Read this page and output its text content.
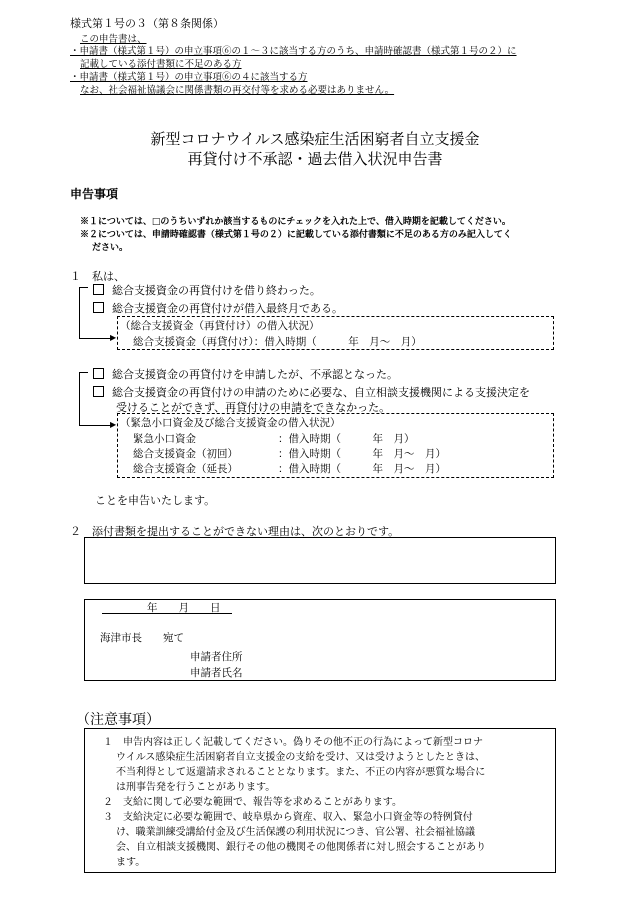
様式第１号の３（第８条関係）
この申告書は、
・申請書（様式第１号）の申立事項⑥の１～３に該当する方のうち、申請時確認書（様式第１号の２）に
記載している添付書類に不足のある方
・申請書（様式第１号）の申立事項⑥の４に該当する方
なお、社会福祉協議会に関係書類の再交付等を求める必要はありません。
新型コロナウイルス感染症生活困窮者自立支援金
再貸付け不承認・過去借入状況申告書
申告事項
※１については、□のうちいずれか該当するものにチェックを入れた上で、借入時期を記載してください。
※２については、申請時確認書（様式第１号の２）に記載している添付書類に不足のある方のみ記入してく
ださい。
１　私は、
▶
総合支援資金の再貸付けを借り終わった。
総合支援資金の再貸付けが借入最終月である。
（総合支援資金（再貸付け）の借入状況）
総合支援資金（再貸付け）：借入時期（　　　年　月～　月）
▶
総合支援資金の再貸付けを申請したが、不承認となった。
総合支援資金の再貸付けの申請のために必要な、自立相談支援機関による支援決定を
受けることができず、再貸付けの申請をできなかった。
（緊急小口資金及び総合支援資金の借入状況）
緊急小口資金	：借入時期（　　　年　月）
総合支援資金（初回）	：借入時期（　　　年　月～　月）
総合支援資金（延長）	：借入時期（　　　年　月～　月）
ことを申告いたします。
２　添付書類を提出することができない理由は、次のとおりです。
年　　月　　日
海津市長　　宛て
申請者住所
申請者氏名
（注意事項）
１　申告内容は正しく記載してください。偽りその他不正の行為によって新型コロナ
ウイルス感染症生活困窮者自立支援金の支給を受け、又は受けようとしたときは、
不当利得として返還請求されることとなります。また、不正の内容が悪質な場合に
は刑事告発を行うことがあります。
２　支給に関して必要な範囲で、報告等を求めることがあります。
３　支給決定に必要な範囲で、岐阜県から資産、収入、緊急小口資金等の特例貸付
け、職業訓練受講給付金及び生活保護の利用状況につき、官公署、社会福祉協議
会、自立相談支援機関、銀行その他の機関その他関係者に対し照会することがあり
ます。
